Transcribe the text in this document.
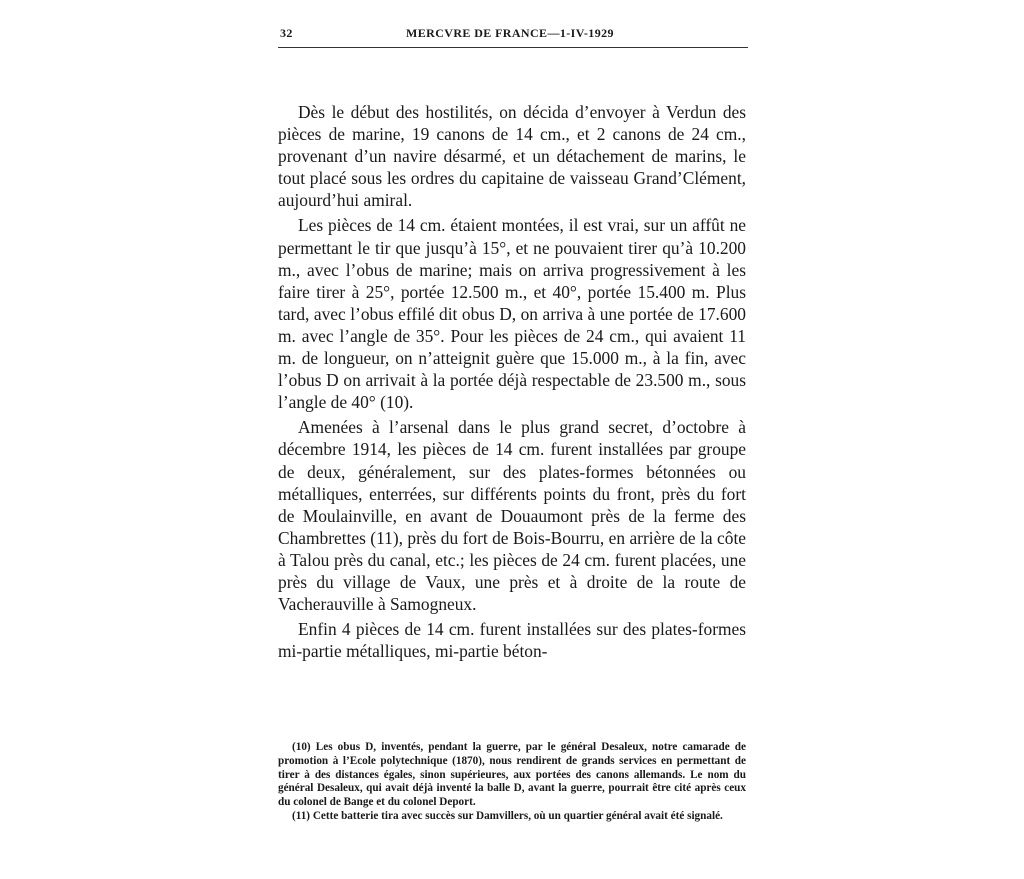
32	MERCVRE DE FRANCE—1-IV-1929

Dès le début des hostilités, on décida d’envoyer à Verdun des pièces de marine, 19 canons de 14 cm., et 2 canons de 24 cm., provenant d’un navire désarmé, et un détachement de marins, le tout placé sous les ordres du capitaine de vaisseau Grand’Clément, aujourd’hui amiral.

Les pièces de 14 cm. étaient montées, il est vrai, sur un affût ne permettant le tir que jusqu’à 15°, et ne pouvaient tirer qu’à 10.200 m., avec l’obus de marine; mais on arriva progressivement à les faire tirer à 25°, portée 12.500 m., et 40°, portée 15.400 m. Plus tard, avec l’obus effilé dit obus D, on arriva à une portée de 17.600 m. avec l’angle de 35°. Pour les pièces de 24 cm., qui avaient 11 m. de longueur, on n’atteignit guère que 15.000 m., à la fin, avec l’obus D on arrivait à la portée déjà respectable de 23.500 m., sous l’angle de 40° (10).

Amenées à l’arsenal dans le plus grand secret, d’octobre à décembre 1914, les pièces de 14 cm. furent installées par groupe de deux, généralement, sur des plates-formes bétonnées ou métalliques, enterrées, sur différents points du front, près du fort de Moulainville, en avant de Douaumont près de la ferme des Chambrettes (11), près du fort de Bois-Bourru, en arrière de la côte à Talou près du canal, etc.; les pièces de 24 cm. furent placées, une près du village de Vaux, une près et à droite de la route de Vacherauville à Samogneux.

Enfin 4 pièces de 14 cm. furent installées sur des plates-formes mi-partie métalliques, mi-partie béton-

(10) Les obus D, inventés, pendant la guerre, par le général Desaleux, notre camarade de promotion à l’Ecole polytechnique (1870), nous rendirent de grands services en permettant de tirer à des distances égales, sinon supérieures, aux portées des canons allemands. Le nom du général Desaleux, qui avait déjà inventé la balle D, avant la guerre, pourrait être cité après ceux du colonel de Bange et du colonel Deport.

(11) Cette batterie tira avec succès sur Damvillers, où un quartier général avait été signalé.
